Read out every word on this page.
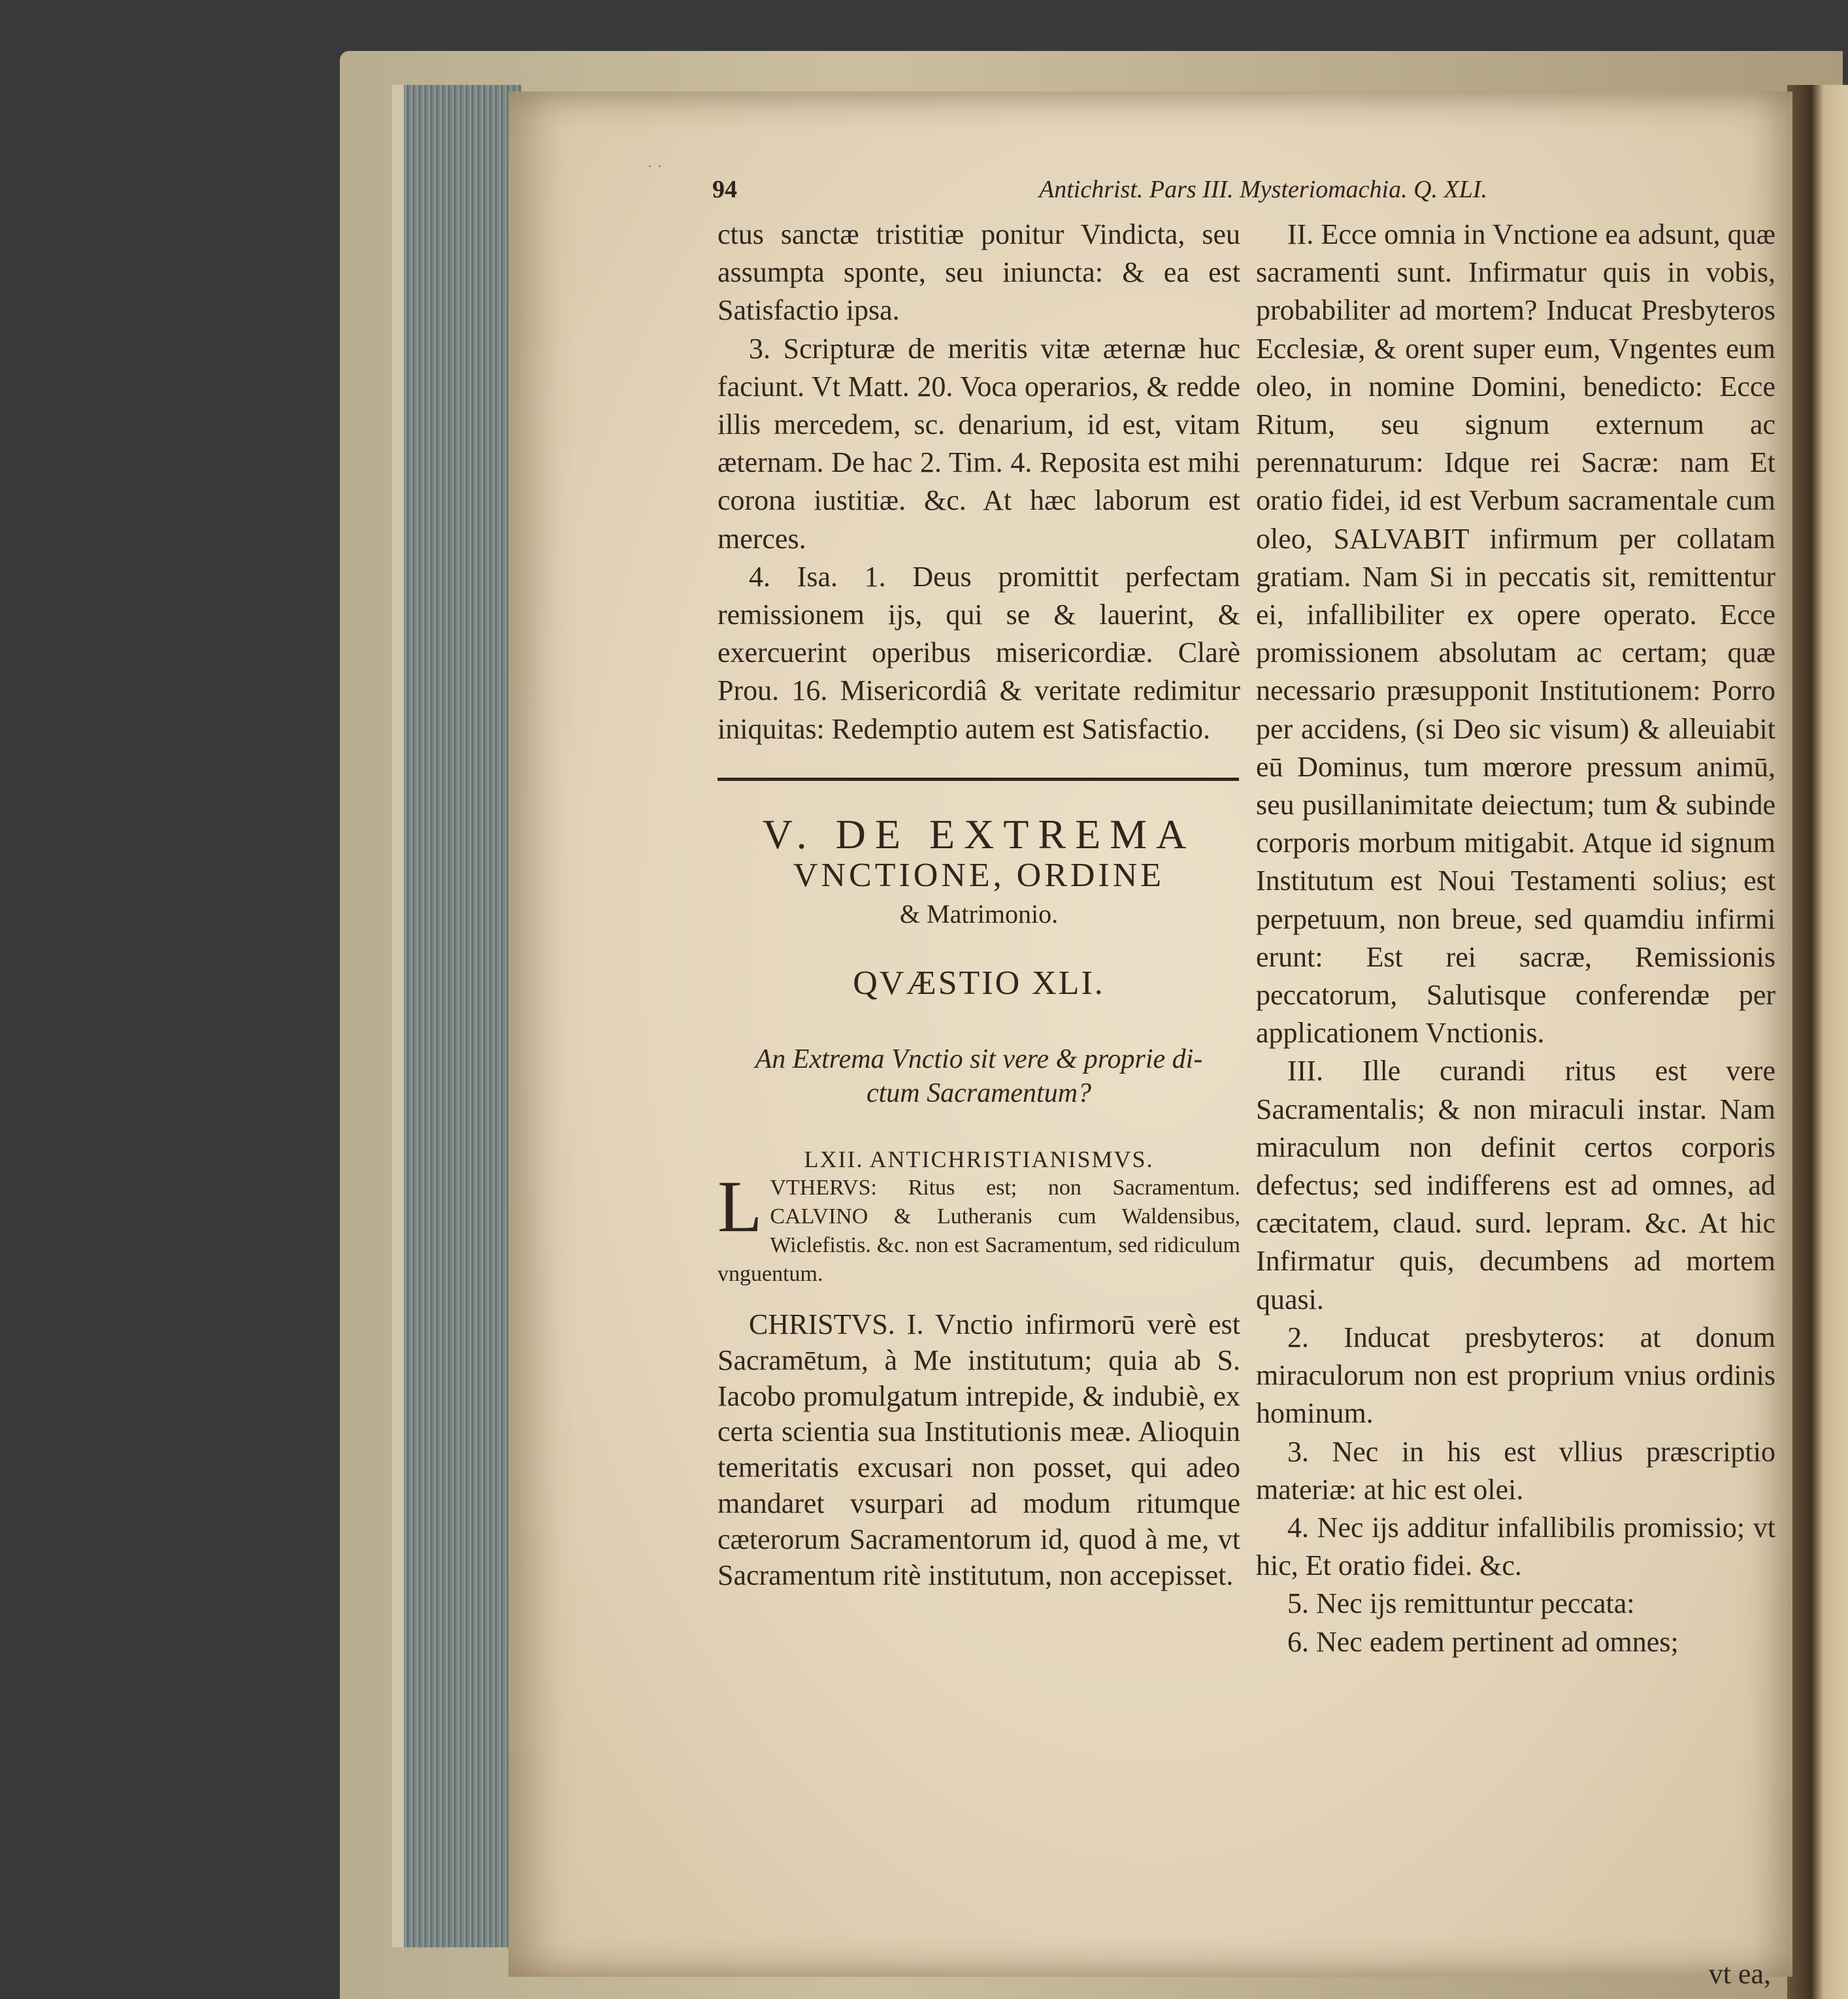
· ·
94	Antichrist. Pars III. Mysteriomachia. Q. XLI.

ctus sanctæ tristitiæ ponitur Vindicta, seu assumpta sponte, seu iniuncta: & ea est Satisfactio ipsa.

3. Scripturæ de meritis vitæ æternæ huc faciunt. Vt Matt. 20. Voca operarios, & redde illis mercedem, sc. denarium, id est, vitam æternam. De hac 2. Tim. 4. Reposita est mihi corona iustitiæ. &c. At hæc laborum est merces.

4. Isa. 1. Deus promittit perfectam remissionem ijs, qui se & lauerint, & exercuerint operibus misericordiæ. Clarè Prou. 16. Misericordiâ & veritate redimitur iniquitas: Redemptio autem est Satisfactio.

V. DE EXTREMA
VNCTIONE, ORDINE
& Matrimonio.
QVÆSTIO XLI.
An Extrema Vnctio sit vere & proprie di-
ctum Sacramentum?
LXII. ANTICHRISTIANISMVS.

LVTHERVS: Ritus est; non Sacramentum. CALVINO & Lutheranis cum Waldensibus, Wiclefistis. &c. non est Sacramentum, sed ridiculum vnguentum.

CHRISTVS. I. Vnctio infirmorū verè est Sacramētum, à Me institutum; quia ab S. Iacobo promulgatum intrepide, & indubiè, ex certa scientia sua Institutionis meæ. Alioquin temeritatis excusari non posset, qui adeo mandaret vsurpari ad modum ritumque cæterorum Sacramentorum id, quod à me, vt Sacramentum ritè institutum, non accepisset.

II. Ecce omnia in Vnctione ea adsunt, quæ sacramenti sunt. Infirmatur quis in vobis, probabiliter ad mortem? Inducat Presbyteros Ecclesiæ, & orent super eum, Vngentes eum oleo, in nomine Domini, benedicto: Ecce Ritum, seu signum externum ac perennaturum: Idque rei Sacræ: nam Et oratio fidei, id est Verbum sacramentale cum oleo, SALVABIT infirmum per collatam gratiam. Nam Si in peccatis sit, remittentur ei, infallibiliter ex opere operato. Ecce promissionem absolutam ac certam; quæ necessario præsupponit Institutionem: Porro per accidens, (si Deo sic visum) & alleuiabit eū Dominus, tum mœrore pressum animū, seu pusillanimitate deiectum; tum & subinde corporis morbum mitigabit. Atque id signum Institutum est Noui Testamenti solius; est perpetuum, non breue, sed quamdiu infirmi erunt: Est rei sacræ, Remissionis peccatorum, Salutisque conferendæ per applicationem Vnctionis.

III. Ille curandi ritus est vere Sacramentalis; & non miraculi instar. Nam miraculum non definit certos corporis defectus; sed indifferens est ad omnes, ad cæcitatem, claud. surd. lepram. &c. At hic Infirmatur quis, decumbens ad mortem quasi.

2. Inducat presbyteros: at donum miraculorum non est proprium vnius ordinis hominum.

3. Nec in his est vllius præscriptio materiæ: at hic est olei.

4. Nec ijs additur infallibilis promissio; vt hic, Et oratio fidei. &c.

5. Nec ijs remittuntur peccata:

6. Nec eadem pertinent ad omnes;

vt ea,
